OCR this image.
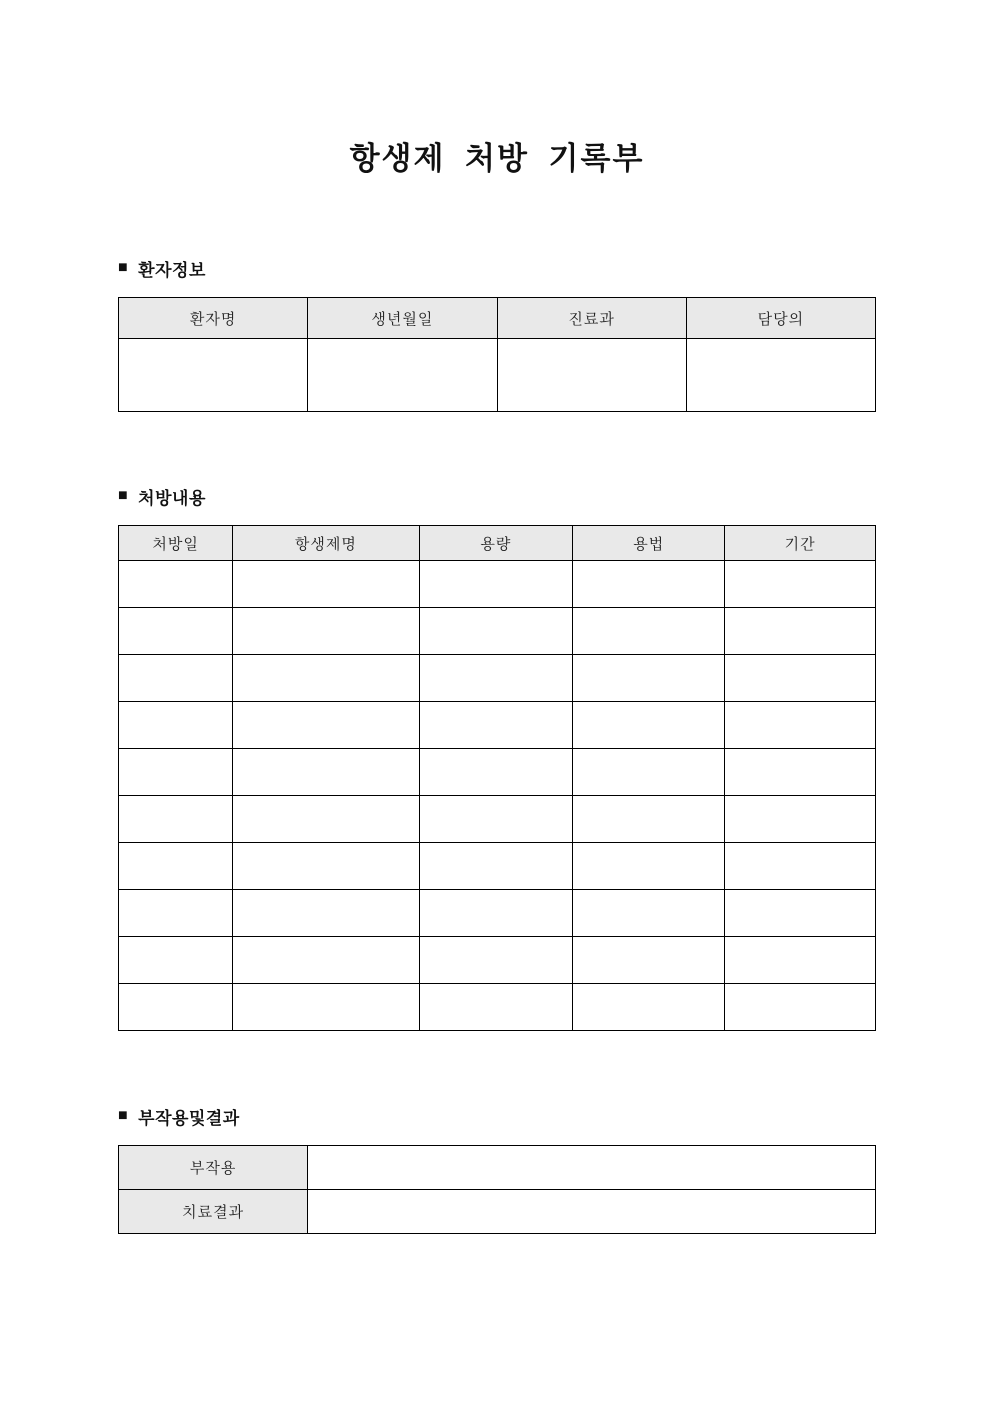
항생제 처방 기록부
■ 환자정보
환자명	생년월일	진료과	담당의

■ 처방내용
처방일	항생제명	용량	용법	기간

■ 부작용및결과
부작용	
치료결과	
